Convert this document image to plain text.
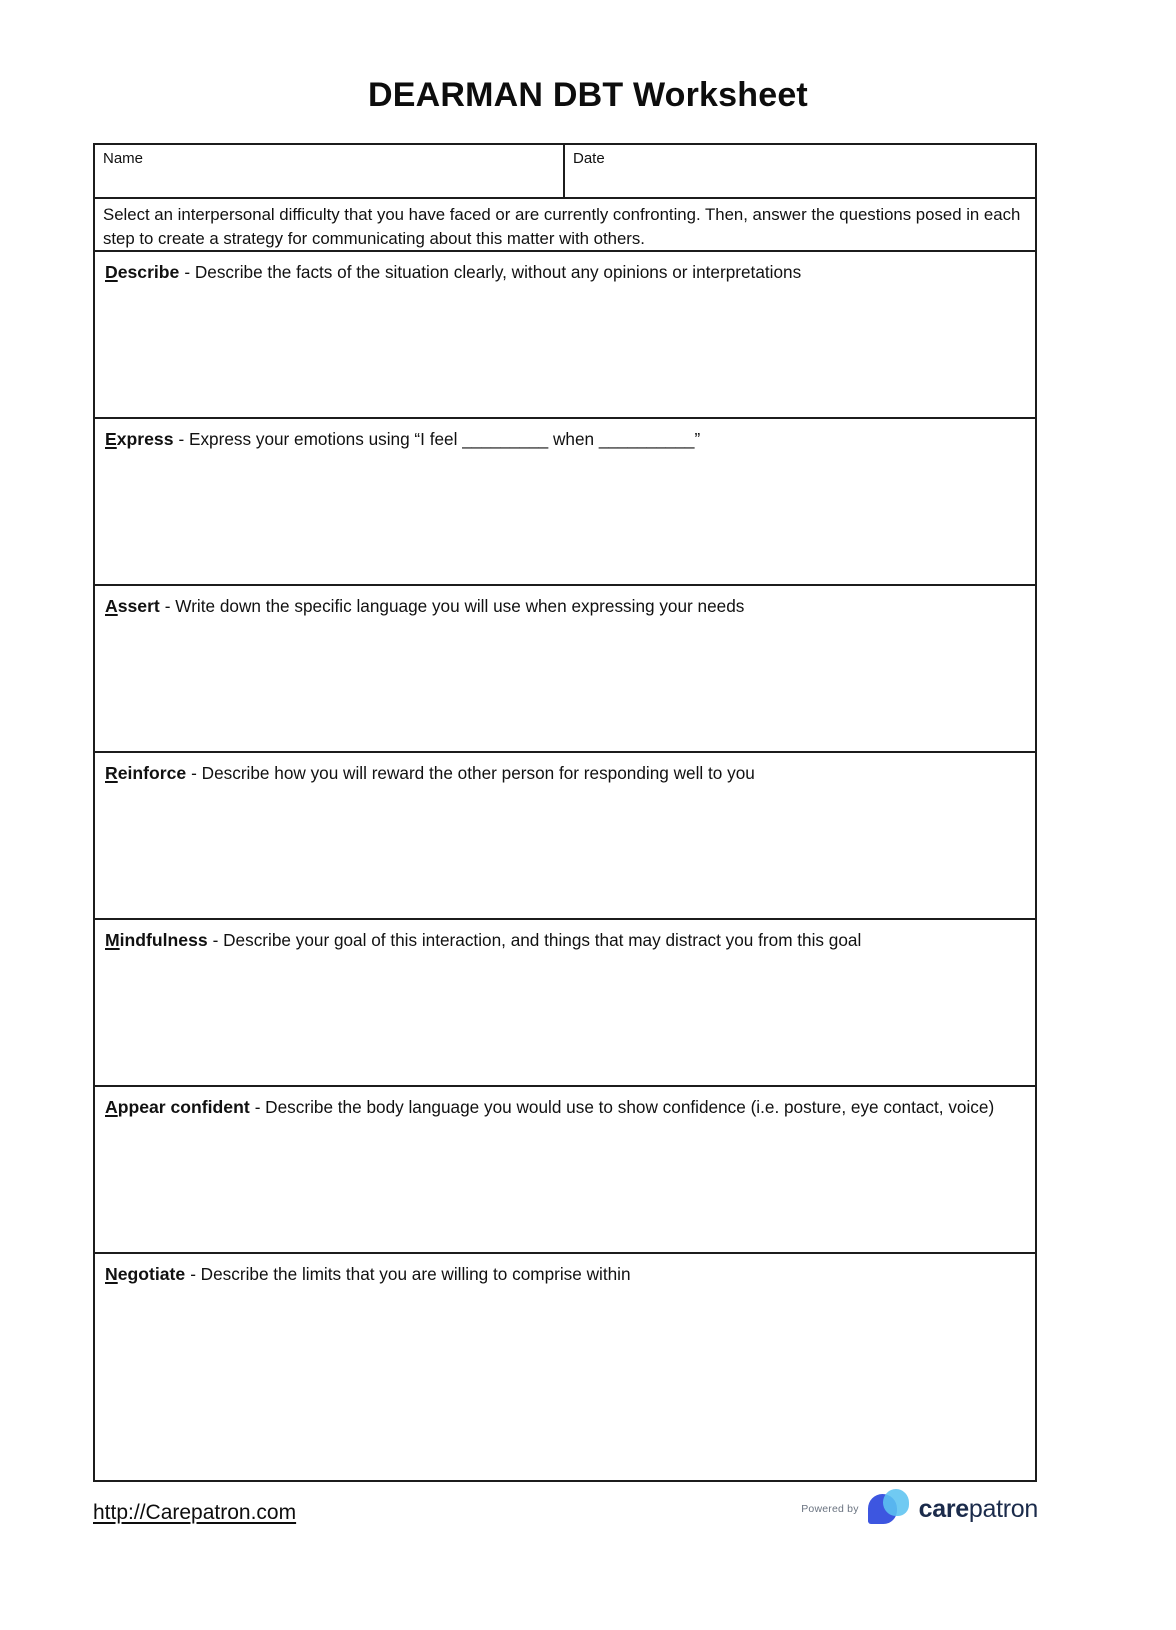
DEARMAN DBT Worksheet
Name	Date
Select an interpersonal difficulty that you have faced or are currently confronting. Then, answer the questions posed in each step to create a strategy for communicating about this matter with others.
Describe - Describe the facts of the situation clearly, without any opinions or interpretations
Express - Express your emotions using “I feel _________ when __________”
Assert - Write down the specific language you will use when expressing your needs
Reinforce - Describe how you will reward the other person for responding well to you
Mindfulness - Describe your goal of this interaction, and things that may distract you from this goal
Appear confident - Describe the body language you would use to show confidence (i.e. posture, eye contact, voice)
Negotiate - Describe the limits that you are willing to comprise within
http://Carepatron.com	Powered by carepatron
